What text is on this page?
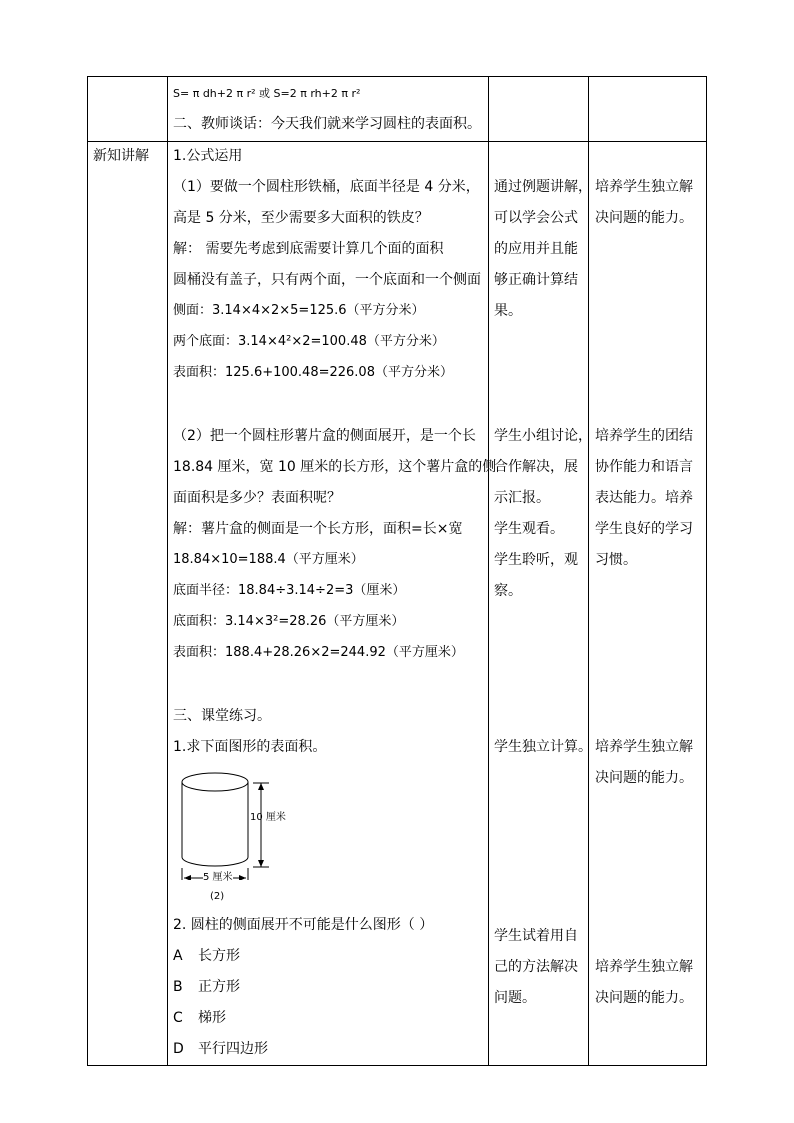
S= π dh+2 π r² 或 S=2 π rh+2 π r²
二、教师谈话：今天我们就来学习圆柱的表面积。
新知讲解 1.公式运用
（1）要做一个圆柱形铁桶，底面半径是 4 分米，
高是 5 分米，至少需要多大面积的铁皮？
解： 需要先考虑到底需要计算几个面的面积
圆桶没有盖子，只有两个面，一个底面和一个侧面
侧面：3.14×4×2×5=125.6（平方分米）
两个底面：3.14×4²×2=100.48（平方分米）
表面积：125.6+100.48=226.08（平方分米）
（2）把一个圆柱形薯片盒的侧面展开，是一个长
18.84 厘米，宽 10 厘米的长方形，这个薯片盒的侧
面面积是多少？表面积呢？
解：薯片盒的侧面是一个长方形，面积=长×宽
18.84×10=188.4（平方厘米）
底面半径：18.84÷3.14÷2=3（厘米）
底面积：3.14×3²=28.26（平方厘米）
表面积：188.4+28.26×2=244.92（平方厘米）
三、课堂练习。
1.求下面图形的表面积。
10 厘米
5 厘米
(2)
2. 圆柱的侧面展开不可能是什么图形（ ）
A 长方形
B 正方形
C 梯形
D 平行四边形
通过例题讲解，
可以学会公式
的应用并且能
够正确计算结
果。
学生小组讨论，
合作解决，展
示汇报。
学生观看。
学生聆听，观
察。
学生独立计算。
学生试着用自
己的方法解决
问题。
培养学生独立解
决问题的能力。
培养学生的团结
协作能力和语言
表达能力。培养
学生良好的学习
习惯。
培养学生独立解
决问题的能力。
培养学生独立解
决问题的能力。
